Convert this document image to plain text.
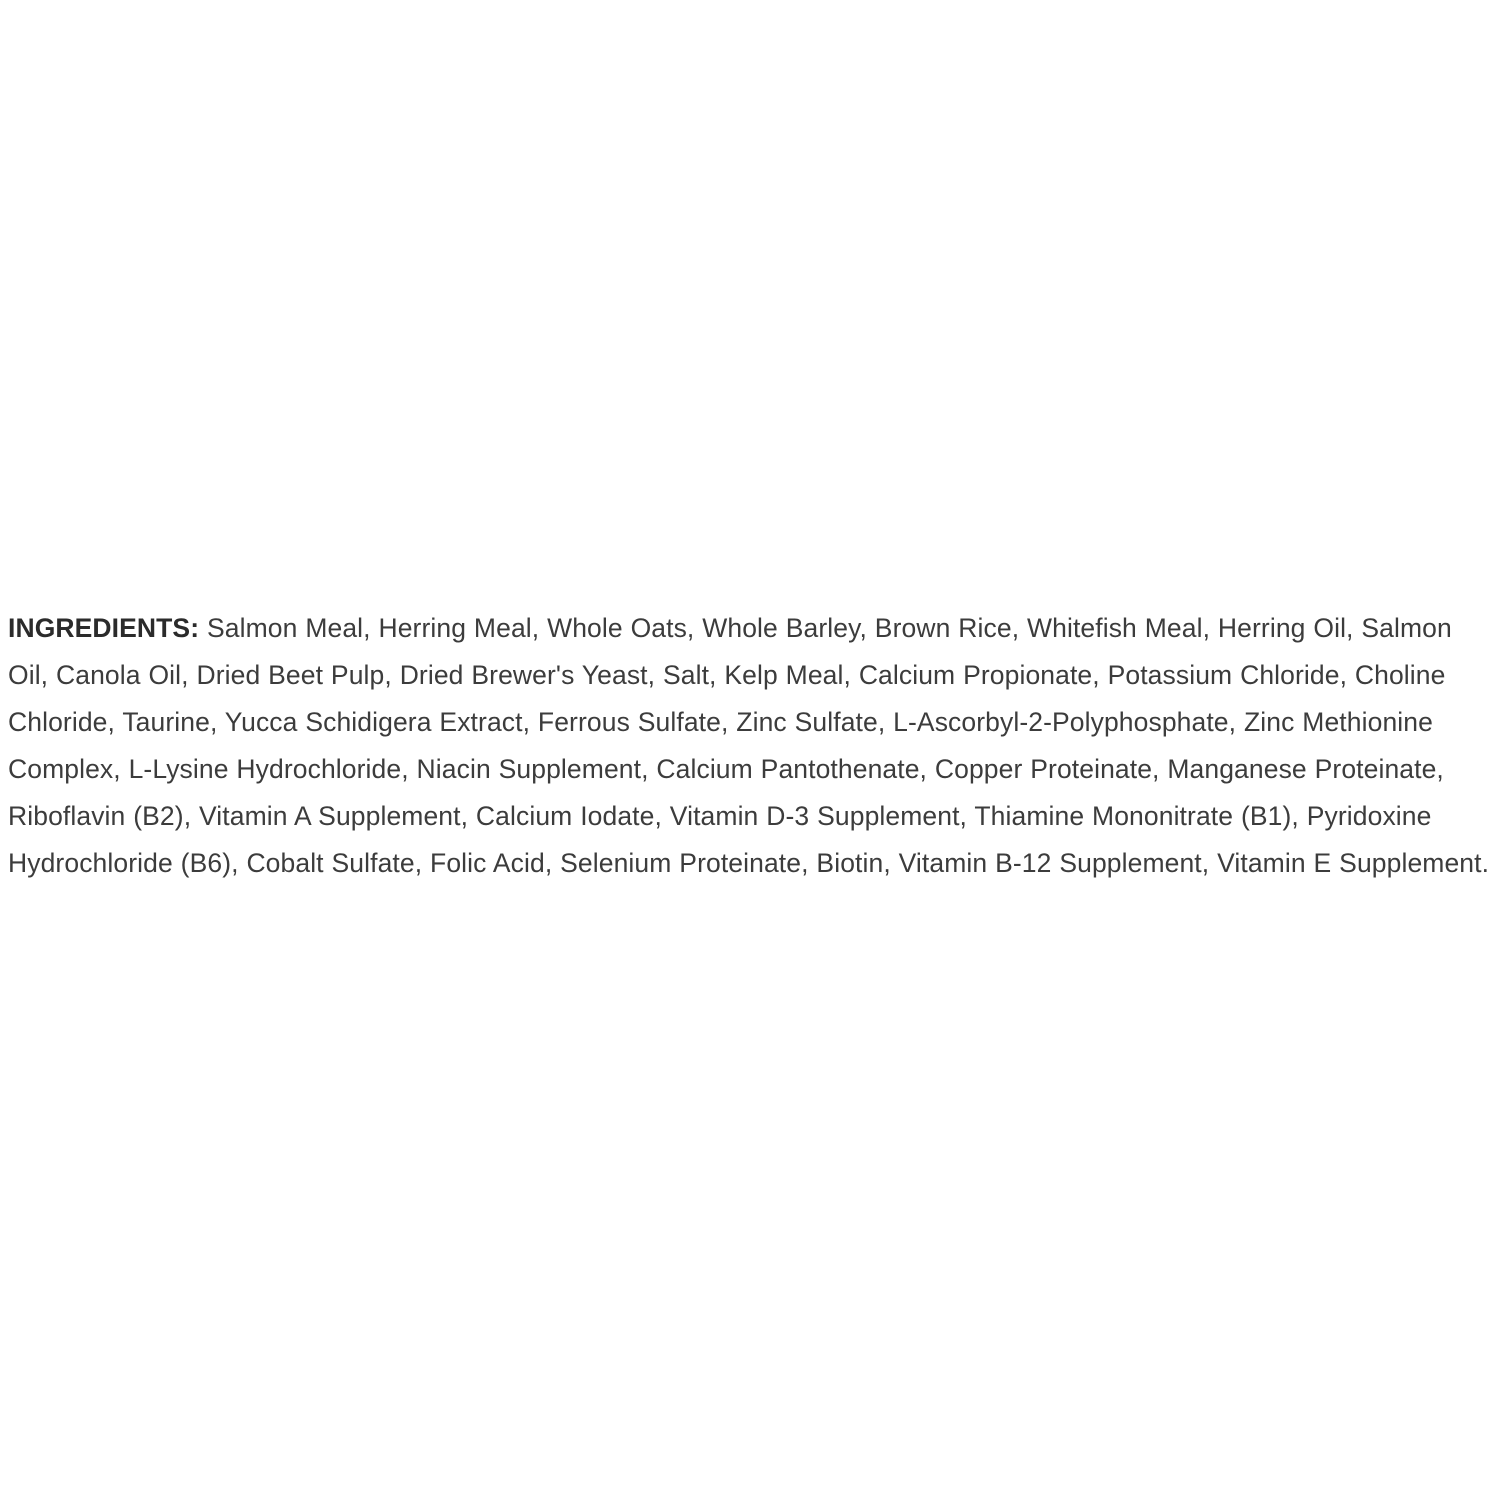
INGREDIENTS: Salmon Meal, Herring Meal, Whole Oats, Whole Barley, Brown Rice, Whitefish Meal, Herring Oil, Salmon Oil, Canola Oil, Dried Beet Pulp, Dried Brewer's Yeast, Salt, Kelp Meal, Calcium Propionate, Potassium Chloride, Choline Chloride, Taurine, Yucca Schidigera Extract, Ferrous Sulfate, Zinc Sulfate, L-Ascorbyl-2-Polyphosphate, Zinc Methionine Complex, L-Lysine Hydrochloride, Niacin Supplement, Calcium Pantothenate, Copper Proteinate, Manganese Proteinate, Riboflavin (B2), Vitamin A Supplement, Calcium Iodate, Vitamin D-3 Supplement, Thiamine Mononitrate (B1), Pyridoxine Hydrochloride (B6), Cobalt Sulfate, Folic Acid, Selenium Proteinate, Biotin, Vitamin B-12 Supplement, Vitamin E Supplement.
